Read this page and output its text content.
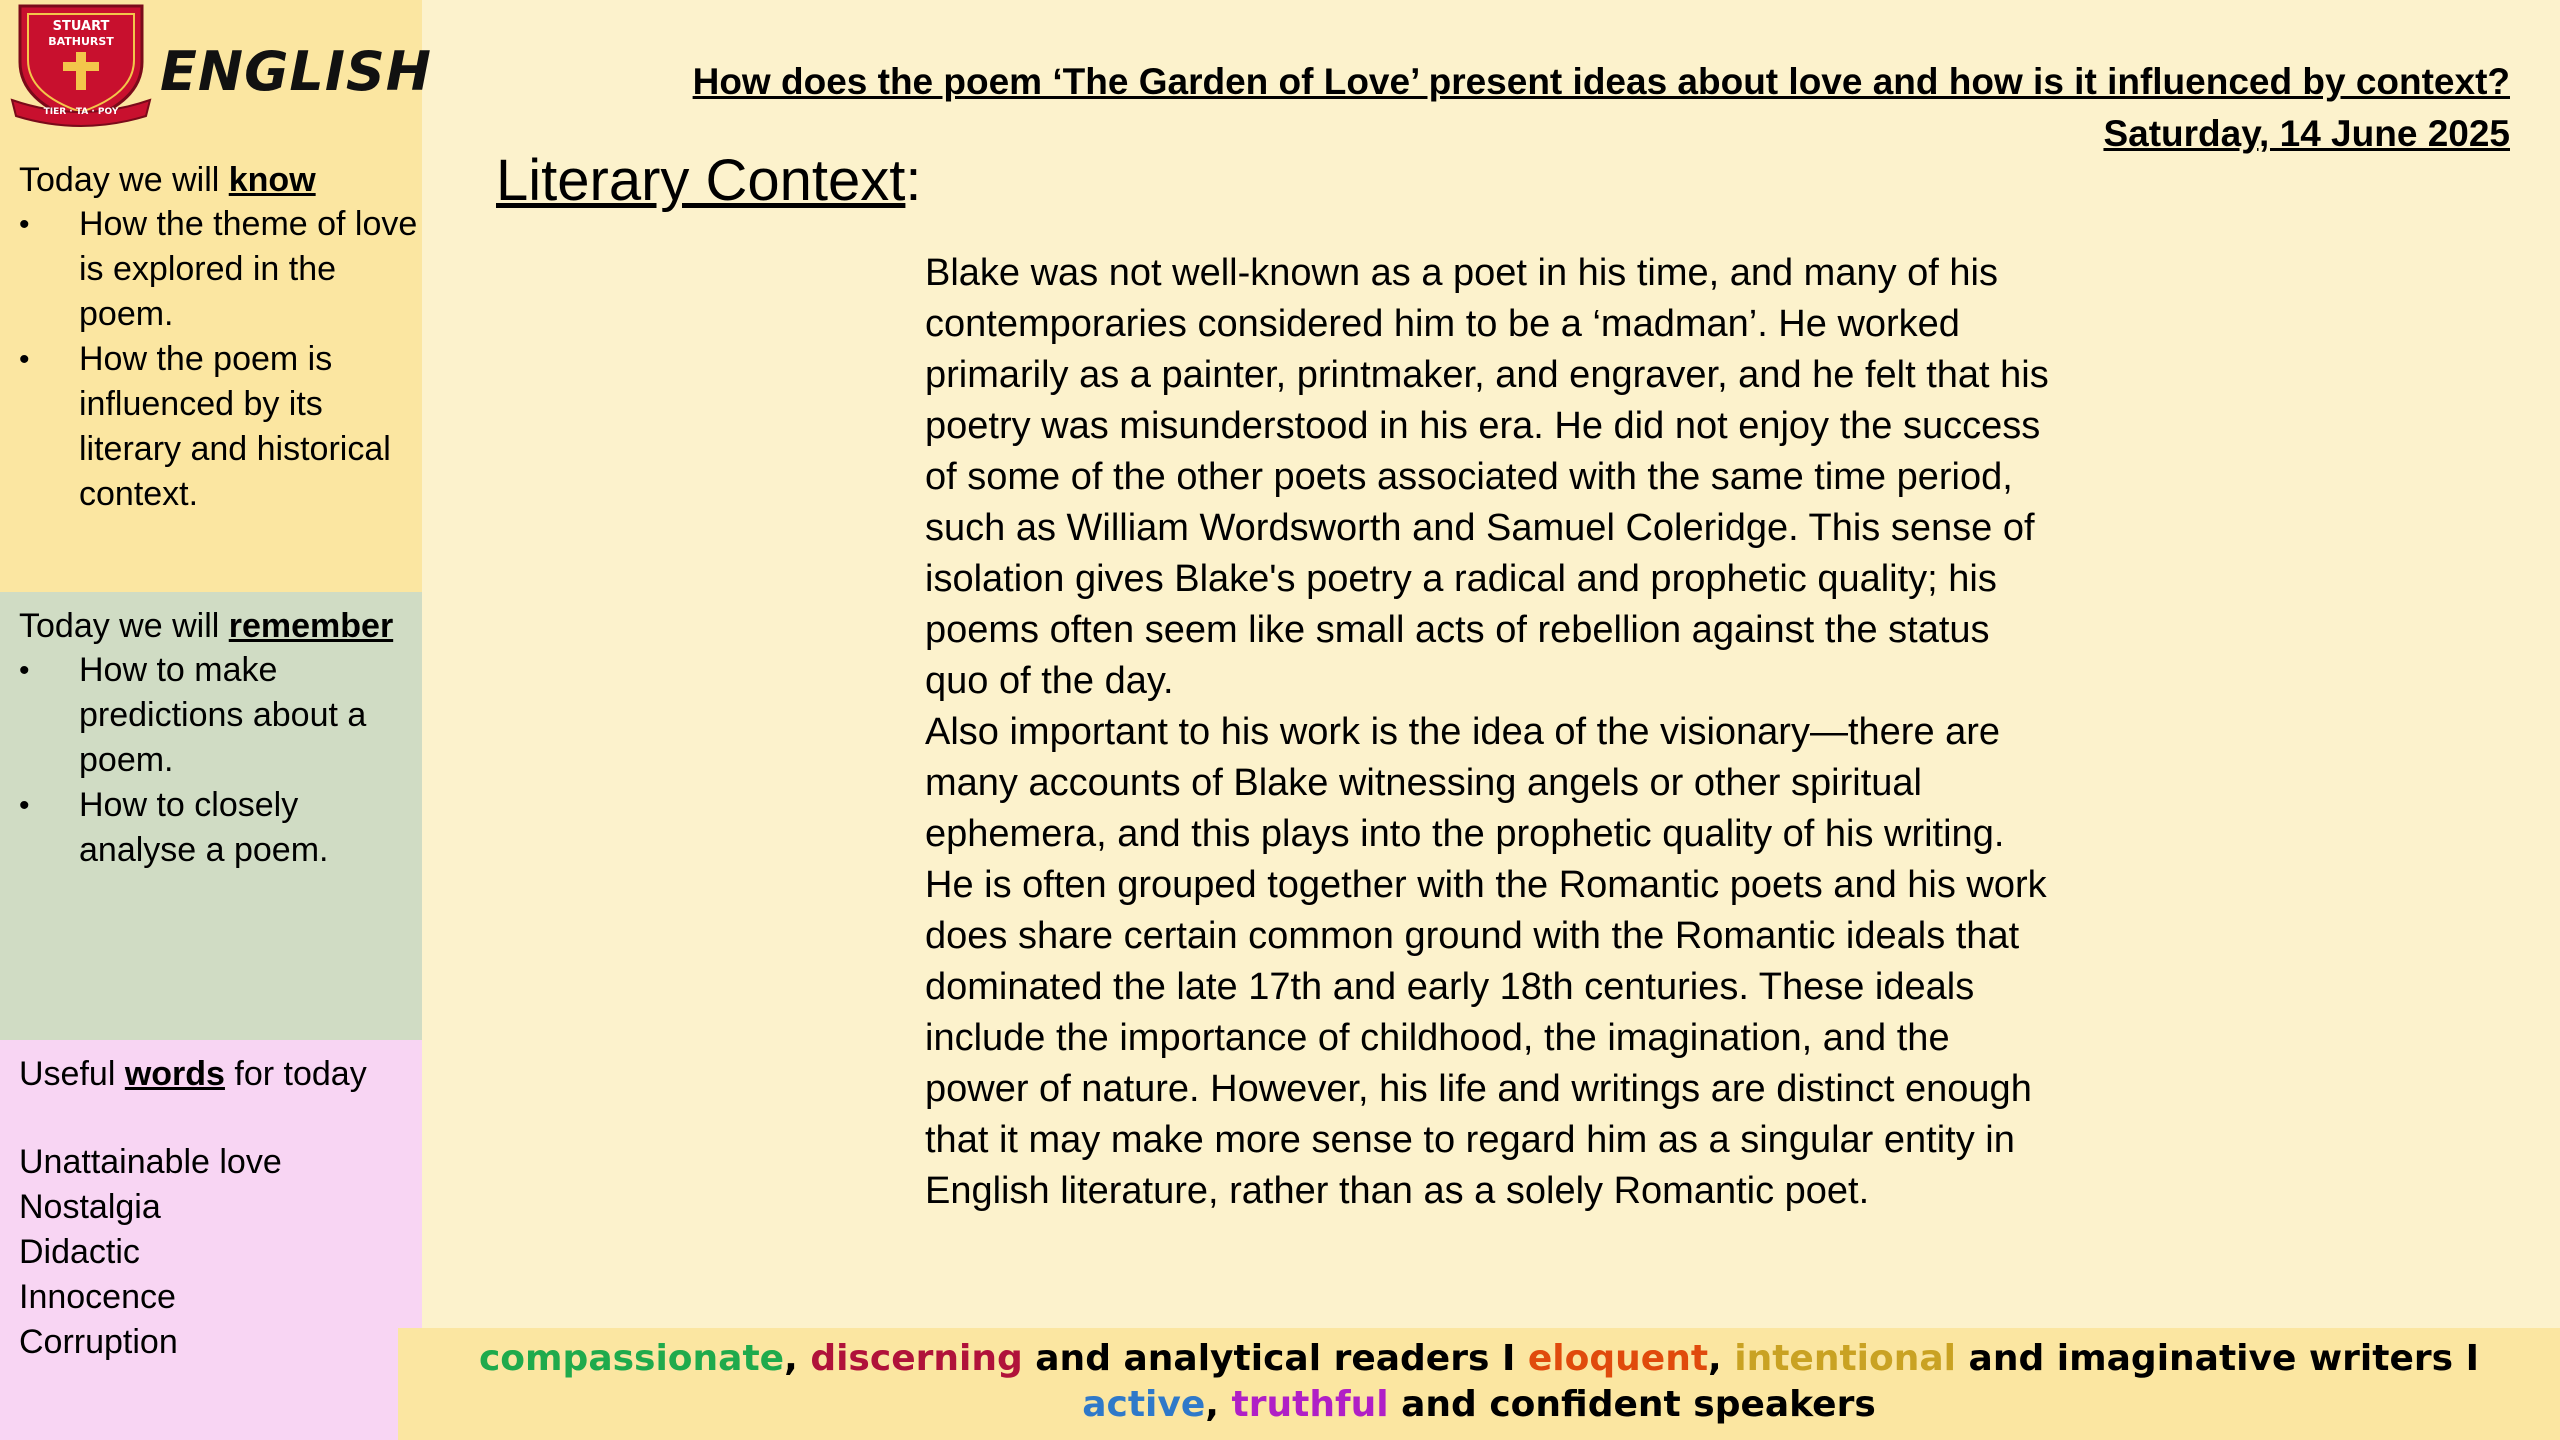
STUART
BATHURST
TIER · TA · POY
ENGLISH
Today we will know
•	How the theme of love is explored in the poem.
•	How the poem is influenced by its literary and historical context.
Today we will remember
•	How to make predictions about a poem.
•	How to closely analyse a poem.
Useful words for today
Unattainable love
Nostalgia
Didactic
Innocence
Corruption
How does the poem ‘The Garden of Love’ present ideas about love and how is it influenced by context?
Saturday, 14 June 2025
Literary Context:

Blake was not well-known as a poet in his time, and many of his contemporaries considered him to be a ‘madman’. He worked primarily as a painter, printmaker, and engraver, and he felt that his poetry was misunderstood in his era. He did not enjoy the success of some of the other poets associated with the same time period, such as William Wordsworth and Samuel Coleridge. This sense of isolation gives Blake's poetry a radical and prophetic quality; his poems often seem like small acts of rebellion against the status quo of the day.

Also important to his work is the idea of the visionary—there are many accounts of Blake witnessing angels or other spiritual ephemera, and this plays into the prophetic quality of his writing. He is often grouped together with the Romantic poets and his work does share certain common ground with the Romantic ideals that dominated the late 17th and early 18th centuries. These ideals include the importance of childhood, the imagination, and the power of nature. However, his life and writings are distinct enough that it may make more sense to regard him as a singular entity in English literature, rather than as a solely Romantic poet.

compassionate, discerning and analytical readers I eloquent, intentional and imaginative writers I
active, truthful and confident speakers
